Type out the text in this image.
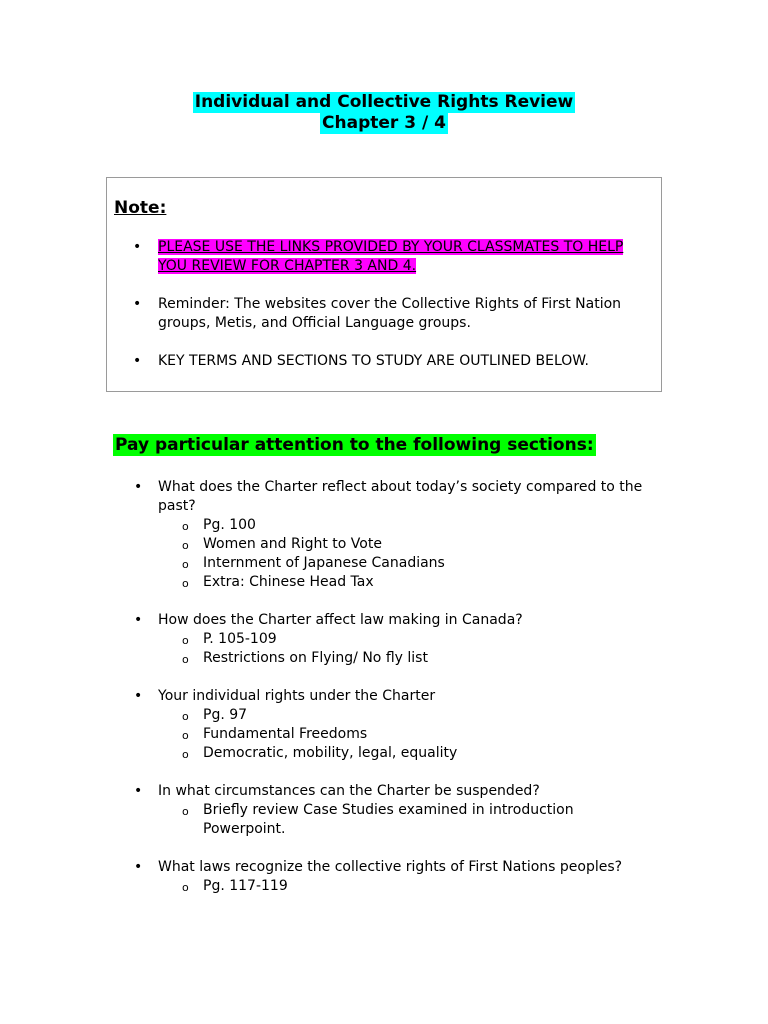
Individual and Collective Rights Review
Chapter 3 / 4
Note:
• PLEASE USE THE LINKS PROVIDED BY YOUR CLASSMATES TO HELP YOU REVIEW FOR CHAPTER 3 AND 4.
• Reminder: The websites cover the Collective Rights of First Nation groups, Metis, and Official Language groups.
• KEY TERMS AND SECTIONS TO STUDY ARE OUTLINED BELOW.
Pay particular attention to the following sections:
• What does the Charter reflect about today’s society compared to the past?
o Pg. 100
o Women and Right to Vote
o Internment of Japanese Canadians
o Extra: Chinese Head Tax
• How does the Charter affect law making in Canada?
o P. 105-109
o Restrictions on Flying/ No fly list
• Your individual rights under the Charter
o Pg. 97
o Fundamental Freedoms
o Democratic, mobility, legal, equality
• In what circumstances can the Charter be suspended?
o Briefly review Case Studies examined in introduction Powerpoint.
• What laws recognize the collective rights of First Nations peoples?
o Pg. 117-119
